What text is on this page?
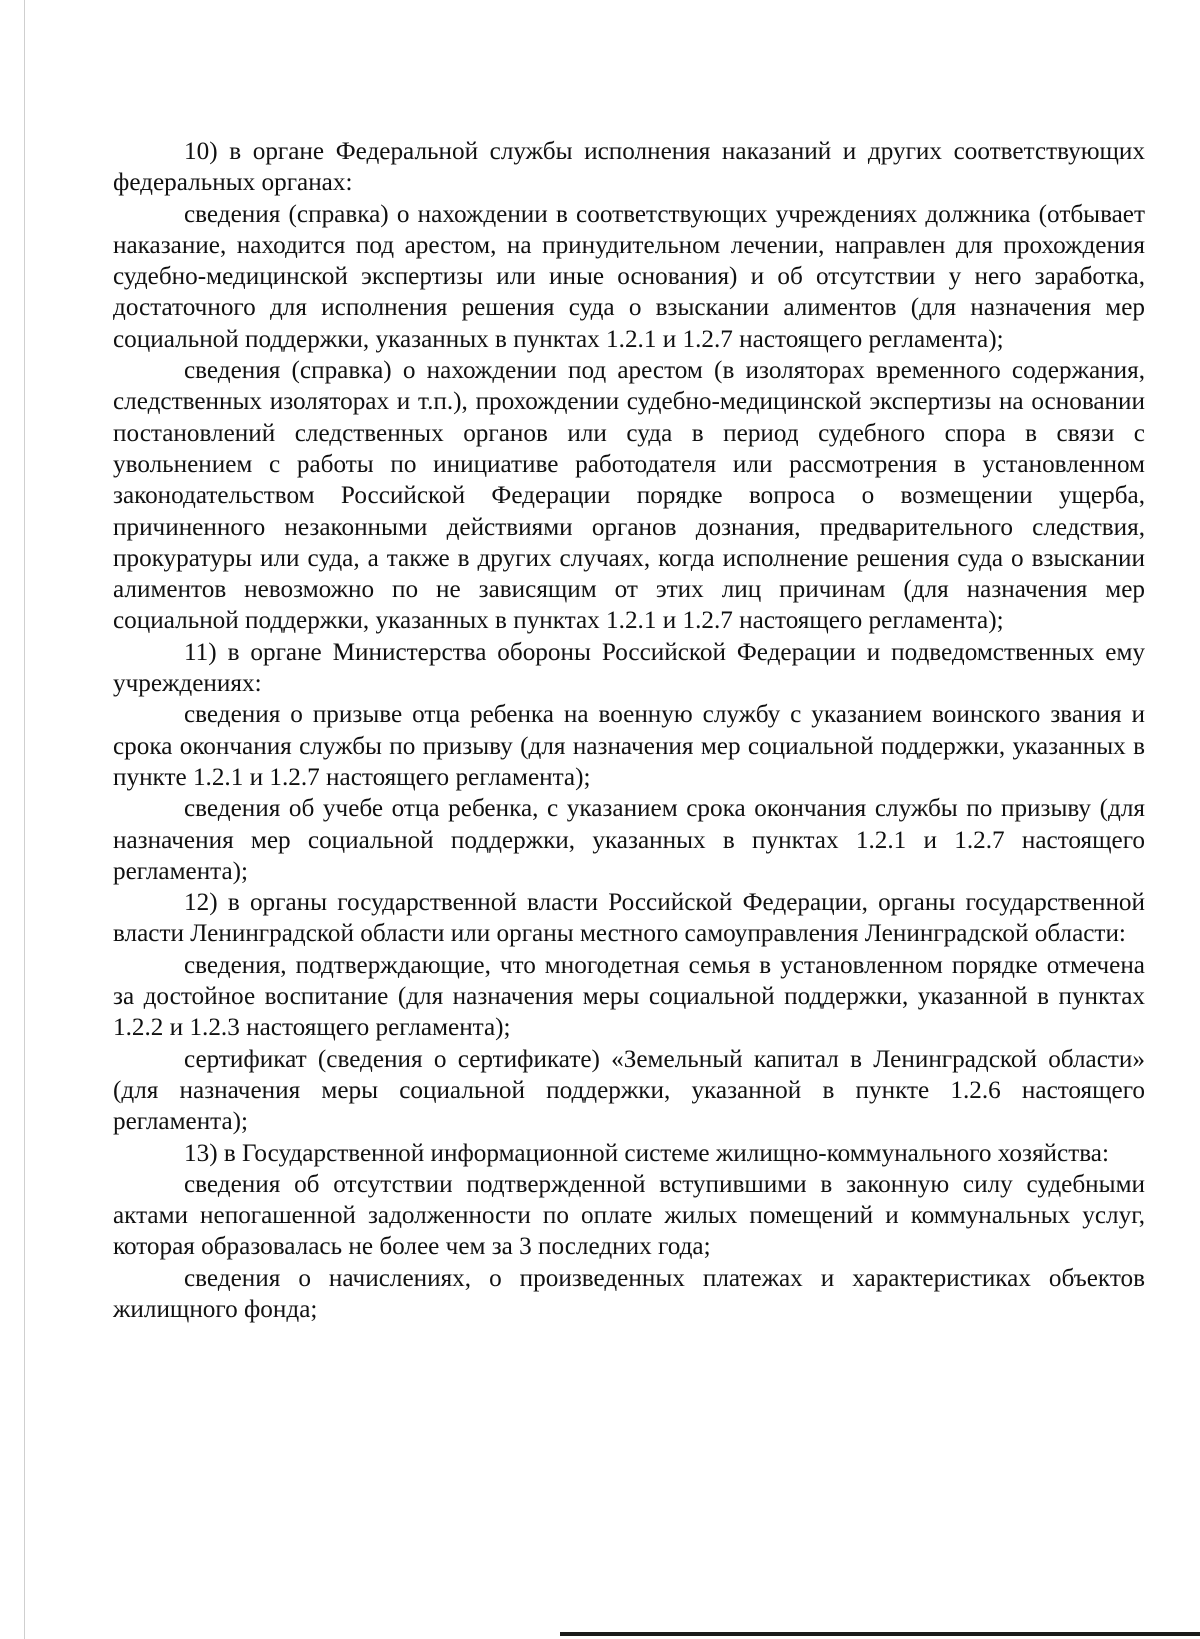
10) в органе Федеральной службы исполнения наказаний и других соответствующих федеральных органах:

сведения (справка) о нахождении в соответствующих учреждениях должника (отбывает наказание, находится под арестом, на принудительном лечении, направлен для прохождения судебно-медицинской экспертизы или иные основания) и об отсутствии у него заработка, достаточного для исполнения решения суда о взыскании алиментов (для назначения мер социальной поддержки, указанных в пунктах 1.2.1 и 1.2.7 настоящего регламента);

сведения (справка) о нахождении под арестом (в изоляторах временного содержания, следственных изоляторах и т.п.), прохождении судебно-медицинской экспертизы на основании постановлений следственных органов или суда в период судебного спора в связи с увольнением с работы по инициативе работодателя или рассмотрения в установленном законодательством Российской Федерации порядке вопроса о возмещении ущерба, причиненного незаконными действиями органов дознания, предварительного следствия, прокуратуры или суда, а также в других случаях, когда исполнение решения суда о взыскании алиментов невозможно по не зависящим от этих лиц причинам (для назначения мер социальной поддержки, указанных в пунктах 1.2.1 и 1.2.7 настоящего регламента);

11) в органе Министерства обороны Российской Федерации и подведомственных ему учреждениях:

сведения о призыве отца ребенка на военную службу с указанием воинского звания и срока окончания службы по призыву (для назначения мер социальной поддержки, указанных в пункте 1.2.1 и 1.2.7 настоящего регламента);

сведения об учебе отца ребенка, с указанием срока окончания службы по призыву (для назначения мер социальной поддержки, указанных в пунктах 1.2.1 и 1.2.7 настоящего регламента);

12) в органы государственной власти Российской Федерации, органы государственной власти Ленинградской области или органы местного самоуправления Ленинградской области:

сведения, подтверждающие, что многодетная семья в установленном порядке отмечена за достойное воспитание (для назначения меры социальной поддержки, указанной в пунктах 1.2.2 и 1.2.3 настоящего регламента);

сертификат (сведения о сертификате) «Земельный капитал в Ленинградской области» (для назначения меры социальной поддержки, указанной в пункте 1.2.6 настоящего регламента);

13) в Государственной информационной системе жилищно-коммунального хозяйства:

сведения об отсутствии подтвержденной вступившими в законную силу судебными актами непогашенной задолженности по оплате жилых помещений и коммунальных услуг, которая образовалась не более чем за 3 последних года;

сведения о начислениях, о произведенных платежах и характеристиках объектов жилищного фонда;
